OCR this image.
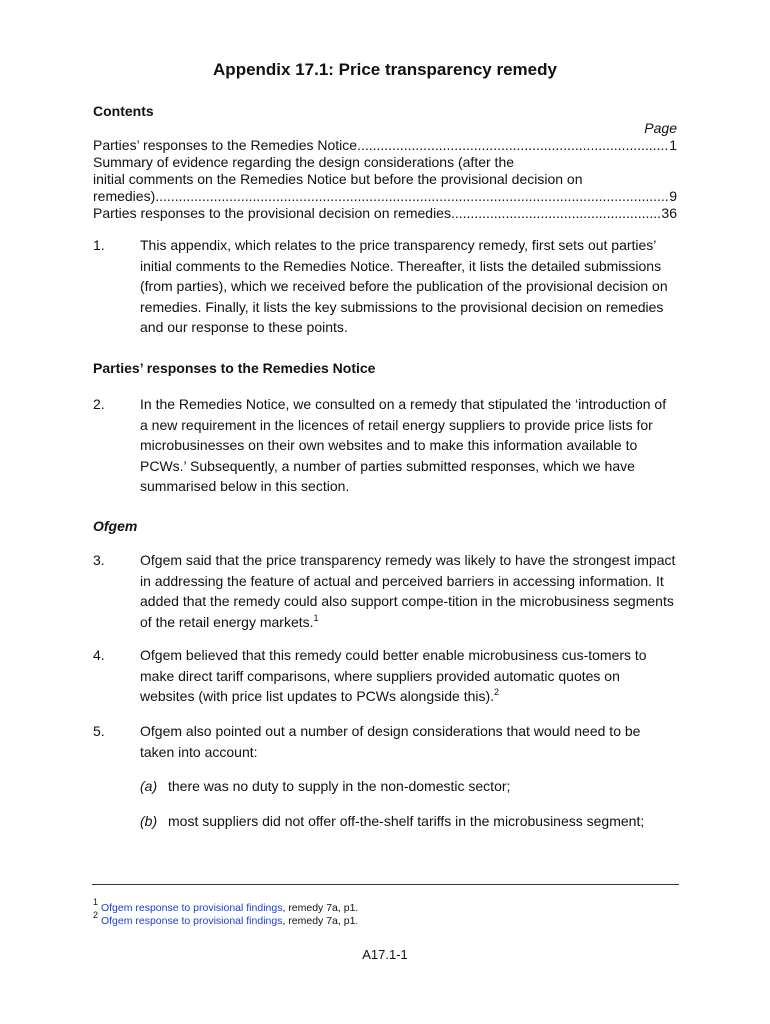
Appendix 17.1: Price transparency remedy
Contents
Page
Parties’ responses to the Remedies Notice .....	1
Summary of evidence regarding the design considerations (after the
initial comments on the Remedies Notice but before the provisional decision on
remedies) .....	9
Parties responses to the provisional decision on remedies .....	36
1.	This appendix, which relates to the price transparency remedy, first sets out parties’ initial comments to the Remedies Notice. Thereafter, it lists the detailed submissions (from parties), which we received before the publication of the provisional decision on remedies. Finally, it lists the key submissions to the provisional decision on remedies and our response to these points.
Parties’ responses to the Remedies Notice
2.	In the Remedies Notice, we consulted on a remedy that stipulated the ‘introduction of a new requirement in the licences of retail energy suppliers to provide price lists for microbusinesses on their own websites and to make this information available to PCWs.’ Subsequently, a number of parties submitted responses, which we have summarised below in this section.
Ofgem
3.	Ofgem said that the price transparency remedy was likely to have the strongest impact in addressing the feature of actual and perceived barriers in accessing information. It added that the remedy could also support compe-tition in the microbusiness segments of the retail energy markets.$^1$
4.	Ofgem believed that this remedy could better enable microbusiness cus-tomers to make direct tariff comparisons, where suppliers provided automatic quotes on websites (with price list updates to PCWs alongside this).$^2$
5.	Ofgem also pointed out a number of design considerations that would need to be taken into account:
(a) there was no duty to supply in the non-domestic sector;
(b) most suppliers did not offer off-the-shelf tariffs in the microbusiness segment;
$^1$ Ofgem response to provisional findings, remedy 7a, p1.
$^2$ Ofgem response to provisional findings, remedy 7a, p1.
A17.1-1
